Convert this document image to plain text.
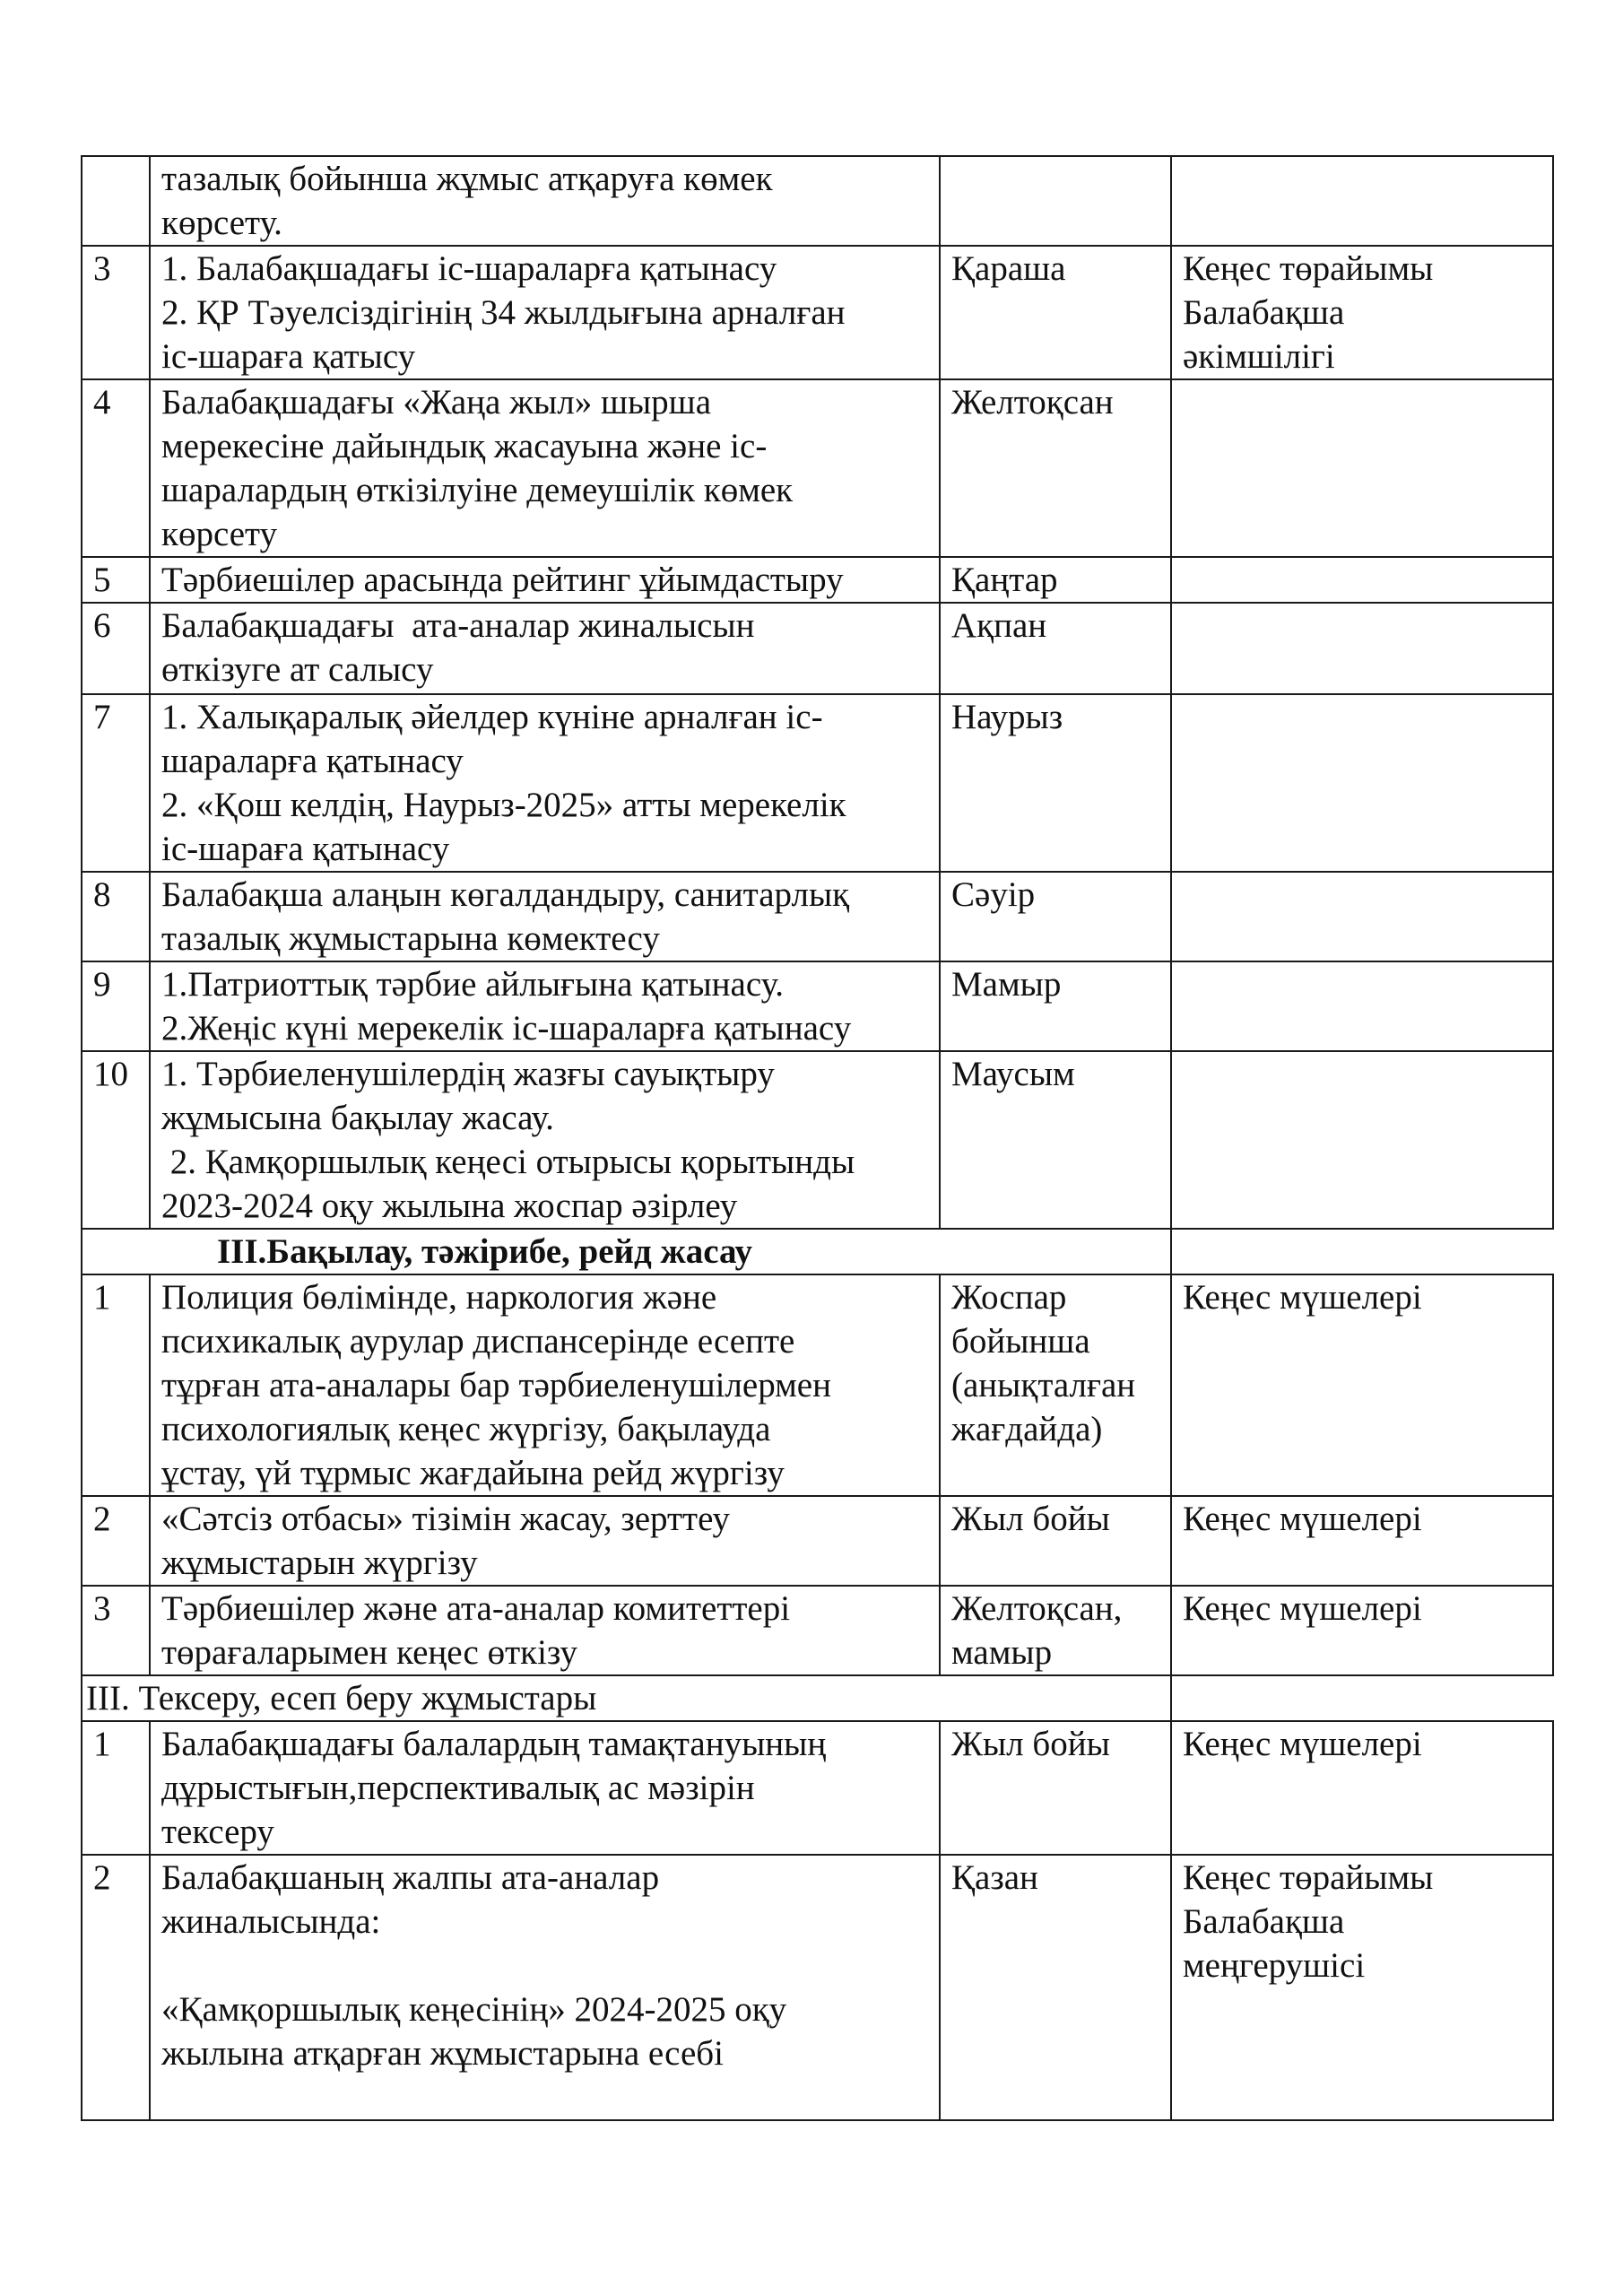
	тазалық бойынша жұмыс атқаруға көмек
көрсету.		

3	1. Балабақшадағы іс-шараларға қатынасу
2. ҚР Тәуелсіздігінің 34 жылдығына арналған
іс-шараға қатысу	Қараша	Кеңес төрайымы
Балабақша
әкімшілігі

4	Балабақшадағы «Жаңа жыл» шырша
мерекесіне дайындық жасауына және іс-
шаралардың өткізілуіне демеушілік көмек
көрсету	Желтоқсан	

5	Тәрбиешілер арасында рейтинг ұйымдастыру	Қаңтар	

6	Балабақшадағы  ата-аналар жиналысын
өткізуге ат салысу	Ақпан	

7	1. Халықаралық әйелдер күніне арналған іс-
шараларға қатынасу
2. «Қош келдің, Наурыз-2025» атты мерекелік
іс-шараға қатынасу	Наурыз	

8	Балабақша алаңын көгалдандыру, санитарлық
тазалық жұмыстарына көмектесу	Сәуір	

9	1.Патриоттық тәрбие айлығына қатынасу.
2.Жеңіс күні мерекелік іс-шараларға қатынасу	Мамыр	

10	1. Тәрбиеленушілердің жазғы сауықтыру
жұмысына бақылау жасау.
2. Қамқоршылық кеңесі отырысы қорытынды
2023-2024 оқу жылына жоспар әзірлеу	Маусым	

ІІІ.Бақылау, тәжірибе, рейд жасау			
1	Полиция бөлімінде, наркология және
психикалық аурулар диспансерінде есепте
тұрған ата-аналары бар тәрбиеленушілермен
психологиялық кеңес жүргізу, бақылауда
ұстау, үй тұрмыс жағдайына рейд жүргізу	Жоспар
бойынша
(анықталған
жағдайда)	Кеңес мүшелері

2	«Сәтсіз отбасы» тізімін жасау, зерттеу
жұмыстарын жүргізу	Жыл бойы	Кеңес мүшелері

3	Тәрбиешілер және ата-аналар комитеттері
төрағаларымен кеңес өткізу	Желтоқсан,
мамыр	Кеңес мүшелері

ІІІ. Тексеру, есеп беру жұмыстары			
1	Балабақшадағы балалардың тамақтануының
дұрыстығын,перспективалық ас мәзірін
тексеру	Жыл бойы	Кеңес мүшелері

2	Балабақшаның жалпы ата-аналар
жиналысында:
«Қамқоршылық кеңесінің» 2024-2025 оқу
жылына атқарған жұмыстарына есебі	Қазан	Кеңес төрайымы
Балабақша
меңгерушісі
